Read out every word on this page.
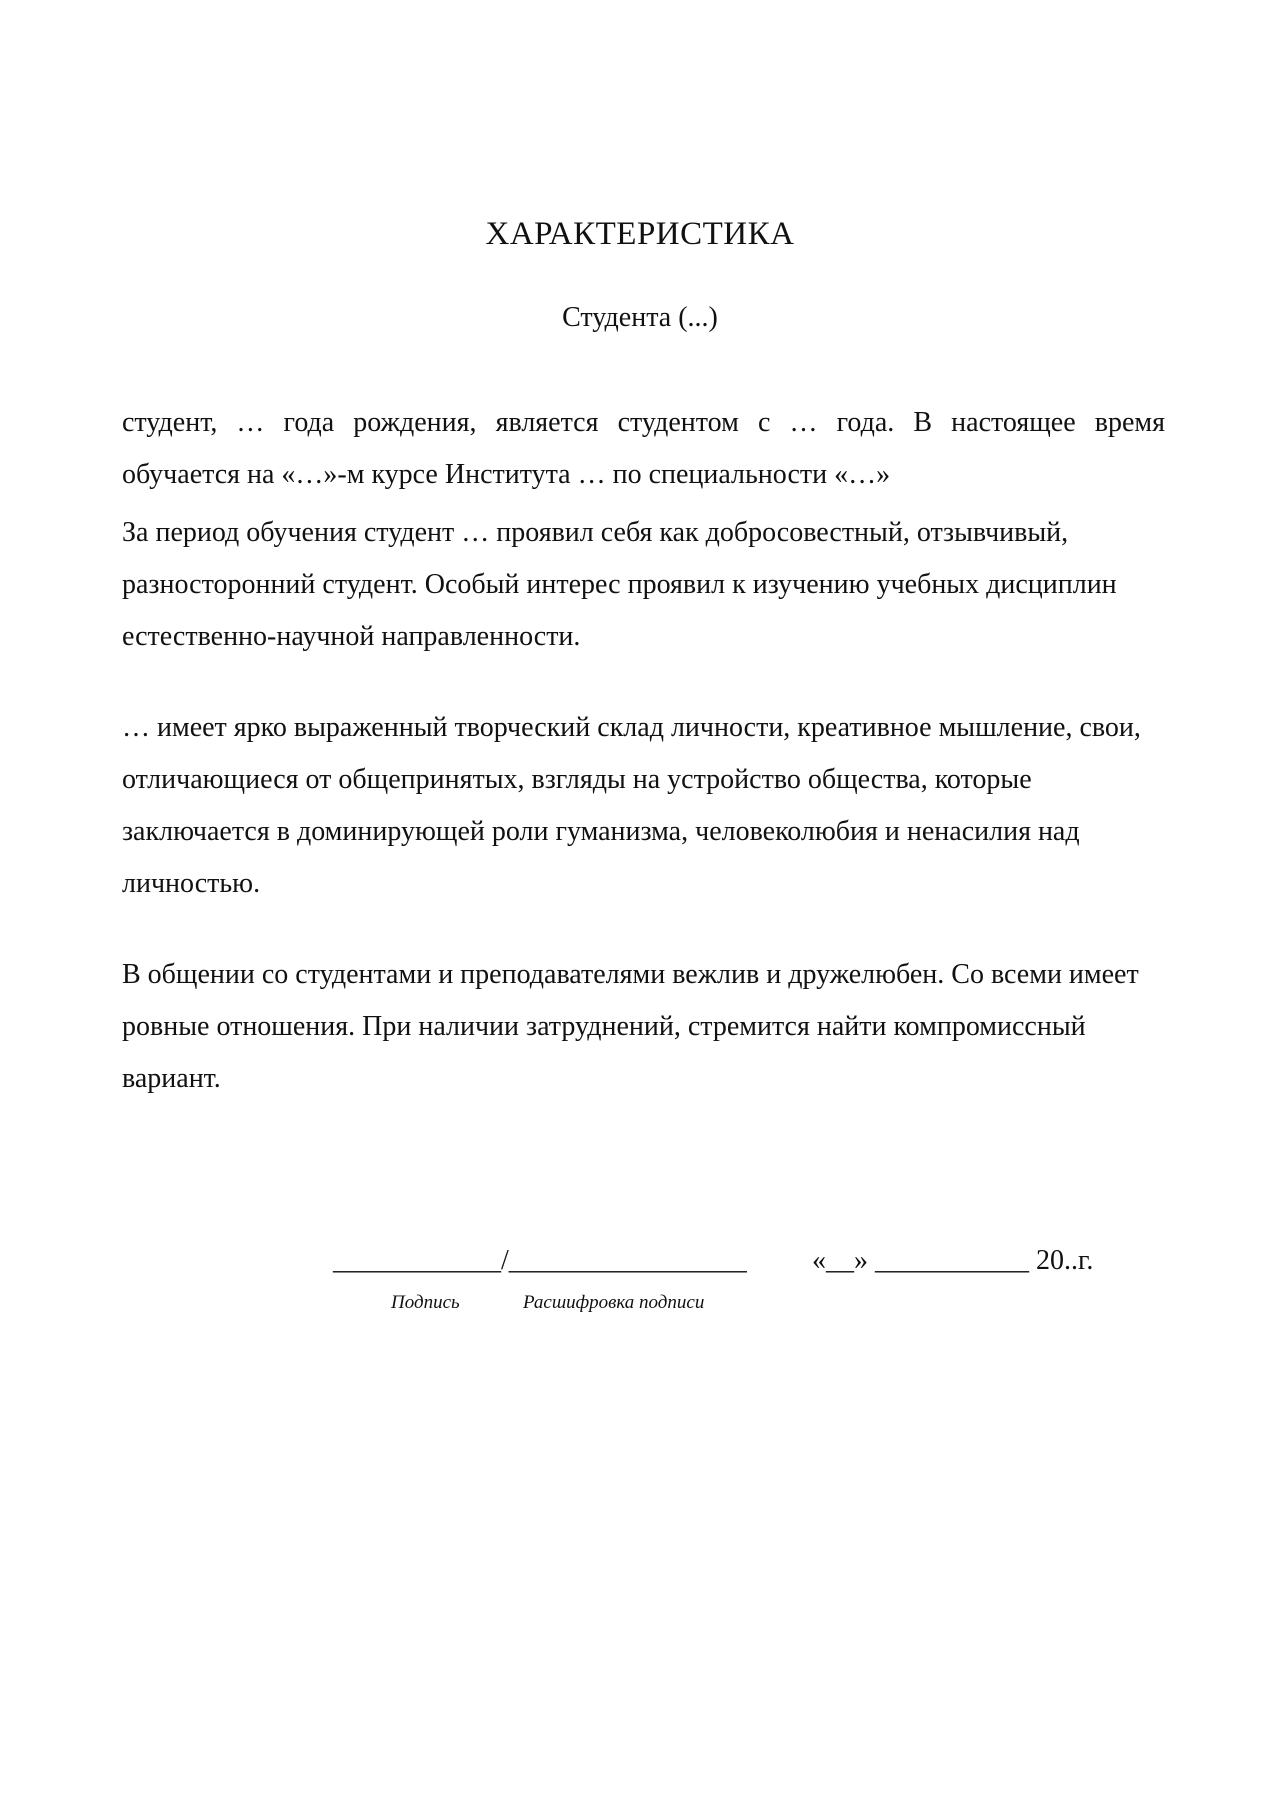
ХАРАКТЕРИСТИКА
Студента (...)
студент, … года рождения, является студентом с … года. В настоящее время
обучается на «…»-м курсе Института … по специальности «…»
За период обучения студент … проявил себя как добросовестный, отзывчивый, разносторонний студент. Особый интерес проявил к изучению учебных дисциплин естественно-научной направленности.
… имеет ярко выраженный творческий склад личности, креативное мышление, свои, отличающиеся от общепринятых, взгляды на устройство общества, которые заключается в доминирующей роли гуманизма, человеколюбия и ненасилия над личностью.
В общении со студентами и преподавателями вежлив и дружелюбен. Со всеми имеет ровные отношения. При наличии затруднений, стремится найти компромиссный вариант.
____________/_________________ «__» ___________ 20..г.
Подпись	Расшифровка подписи
